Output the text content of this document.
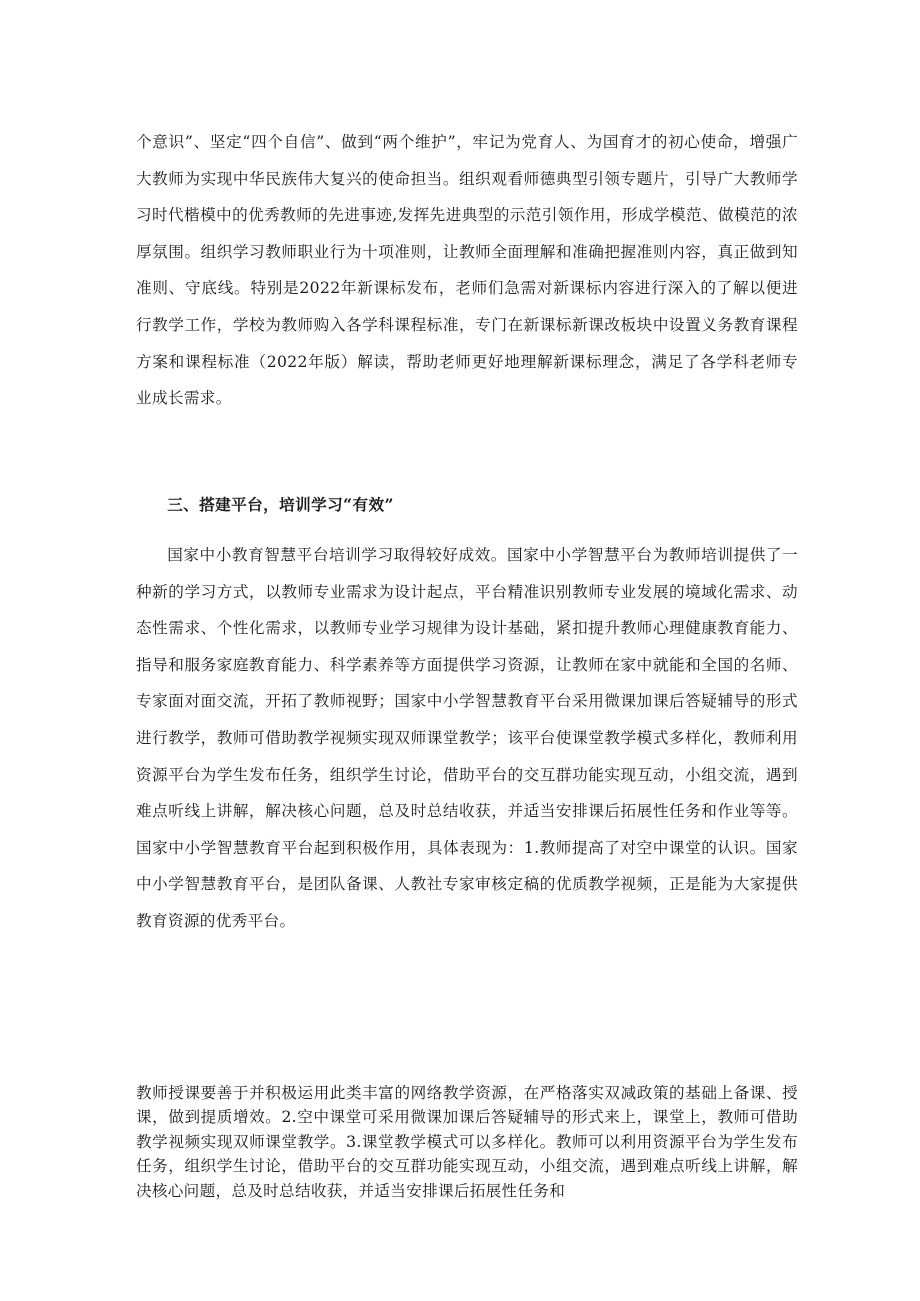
个意识”、坚定“四个自信”、做到“两个维护”，牢记为党育人、为国育才的初心使命，增强广大教师为实现中华民族伟大复兴的使命担当。组织观看师德典型引领专题片，引导广大教师学习时代楷模中的优秀教师的先进事迹,发挥先进典型的示范引领作用，形成学模范、做模范的浓厚氛围。组织学习教师职业行为十项准则，让教师全面理解和准确把握准则内容，真正做到知准则、守底线。特别是2022年新课标发布，老师们急需对新课标内容进行深入的了解以便进行教学工作，学校为教师购入各学科课程标准，专门在新课标新课改板块中设置义务教育课程方案和课程标准（2022年版）解读，帮助老师更好地理解新课标理念，满足了各学科老师专业成长需求。

三、搭建平台，培训学习“有效”

国家中小教育智慧平台培训学习取得较好成效。国家中小学智慧平台为教师培训提供了一种新的学习方式，以教师专业需求为设计起点，平台精准识别教师专业发展的境域化需求、动态性需求、个性化需求，以教师专业学习规律为设计基础，紧扣提升教师心理健康教育能力、指导和服务家庭教育能力、科学素养等方面提供学习资源，让教师在家中就能和全国的名师、专家面对面交流，开拓了教师视野；国家中小学智慧教育平台采用微课加课后答疑辅导的形式进行教学，教师可借助教学视频实现双师课堂教学；该平台使课堂教学模式多样化，教师利用资源平台为学生发布任务，组织学生讨论，借助平台的交互群功能实现互动，小组交流，遇到难点听线上讲解，解决核心问题，总及时总结收获，并适当安排课后拓展性任务和作业等等。国家中小学智慧教育平台起到积极作用，具体表现为：1.教师提高了对空中课堂的认识。国家中小学智慧教育平台，是团队备课、人教社专家审核定稿的优质教学视频，正是能为大家提供教育资源的优秀平台。

教师授课要善于并积极运用此类丰富的网络教学资源，在严格落实双减政策的基础上备课、授课，做到提质增效。2.空中课堂可采用微课加课后答疑辅导的形式来上，课堂上，教师可借助教学视频实现双师课堂教学。3.课堂教学模式可以多样化。教师可以利用资源平台为学生发布任务，组织学生讨论，借助平台的交互群功能实现互动，小组交流，遇到难点听线上讲解，解决核心问题，总及时总结收获，并适当安排课后拓展性任务和
